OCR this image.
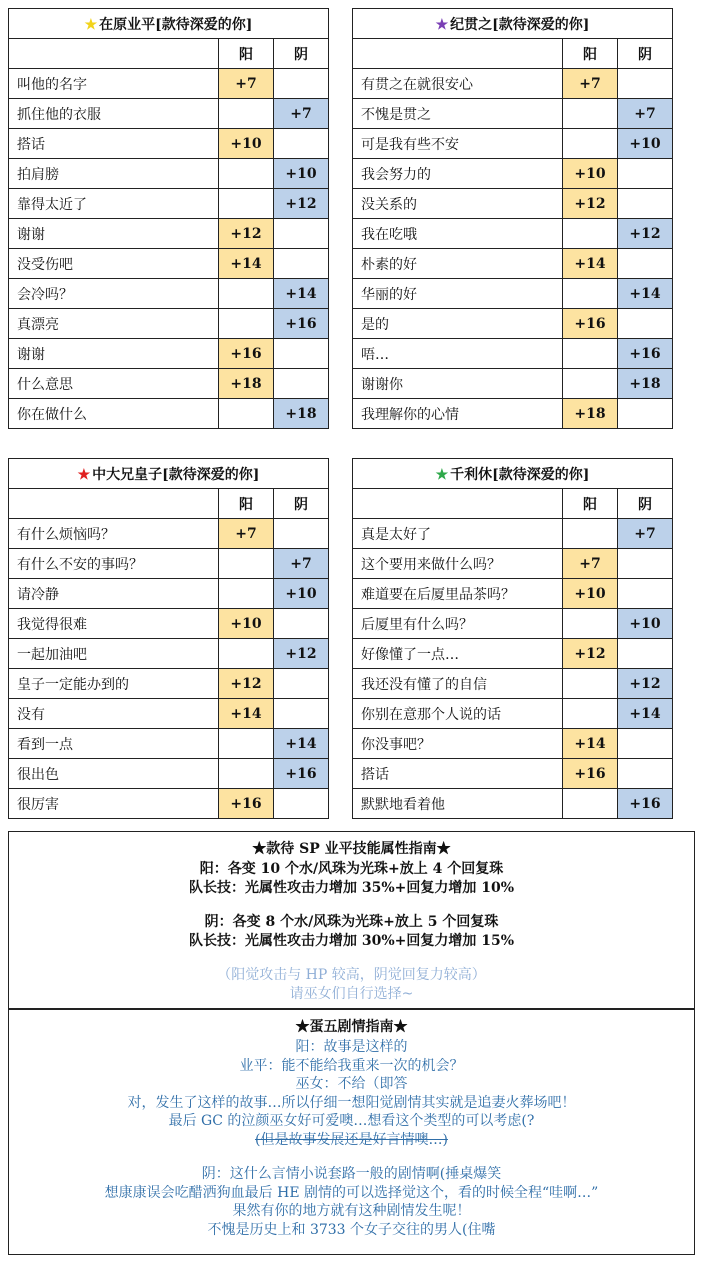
★ 在原业平[款待深爱的你]		
	阳	阴
叫他的名字	+7	
抓住他的衣服		+7
搭话	+10	
拍肩膀		+10
靠得太近了		+12
谢谢	+12	
没受伤吧	+14	
会冷吗？		+14
真漂亮		+16
谢谢	+16	
什么意思	+18	
你在做什么		+18
★ 纪贯之[款待深爱的你]		
	阳	阴
有贯之在就很安心	+7	
不愧是贯之		+7
可是我有些不安		+10
我会努力的	+10	
没关系的	+12	
我在吃哦		+12
朴素的好	+14	
华丽的好		+14
是的	+16	
唔…		+16
谢谢你		+18
我理解你的心情	+18	
★ 中大兄皇子[款待深爱的你]		
	阳	阴
有什么烦恼吗？	+7	
有什么不安的事吗？		+7
请冷静		+10
我觉得很难	+10	
一起加油吧		+12
皇子一定能办到的	+12	
没有	+14	
看到一点		+14
很出色		+16
很厉害	+16	
★ 千利休[款待深爱的你]		
	阳	阴
真是太好了		+7
这个要用来做什么吗？	+7	
难道要在后厦里品茶吗？	+10	
后厦里有什么吗？		+10
好像懂了一点…	+12	
我还没有懂了的自信		+12
你别在意那个人说的话		+14
你没事吧？	+14	
搭话	+16	
默默地看着他		+16
★款待 SP 业平技能属性指南★
阳：各变 10 个水/风珠为光珠+放上 4 个回复珠
队长技：光属性攻击力增加 35%+回复力增加 10%
阴：各变 8 个水/风珠为光珠+放上 5 个回复珠
队长技：光属性攻击力增加 30%+回复力增加 15%
（阳觉攻击与 HP 较高，阴觉回复力较高）
请巫女们自行选择~
★蛋五剧情指南★
阳：故事是这样的
业平：能不能给我重来一次的机会？
巫女：不给（即答
对，发生了这样的故事…所以仔细一想阳觉剧情其实就是追妻火葬场吧！
最后 GC 的泣颜巫女好可爱噢…想看这个类型的可以考虑(?
(但是故事发展还是好言情噢…)
阴：这什么言情小说套路一般的剧情啊(捶桌爆笑
想康康误会吃醋洒狗血最后 HE 剧情的可以选择觉这个，看的时候全程“哇啊…”
果然有你的地方就有这种剧情发生呢！
不愧是历史上和 3733 个女子交往的男人(住嘴
